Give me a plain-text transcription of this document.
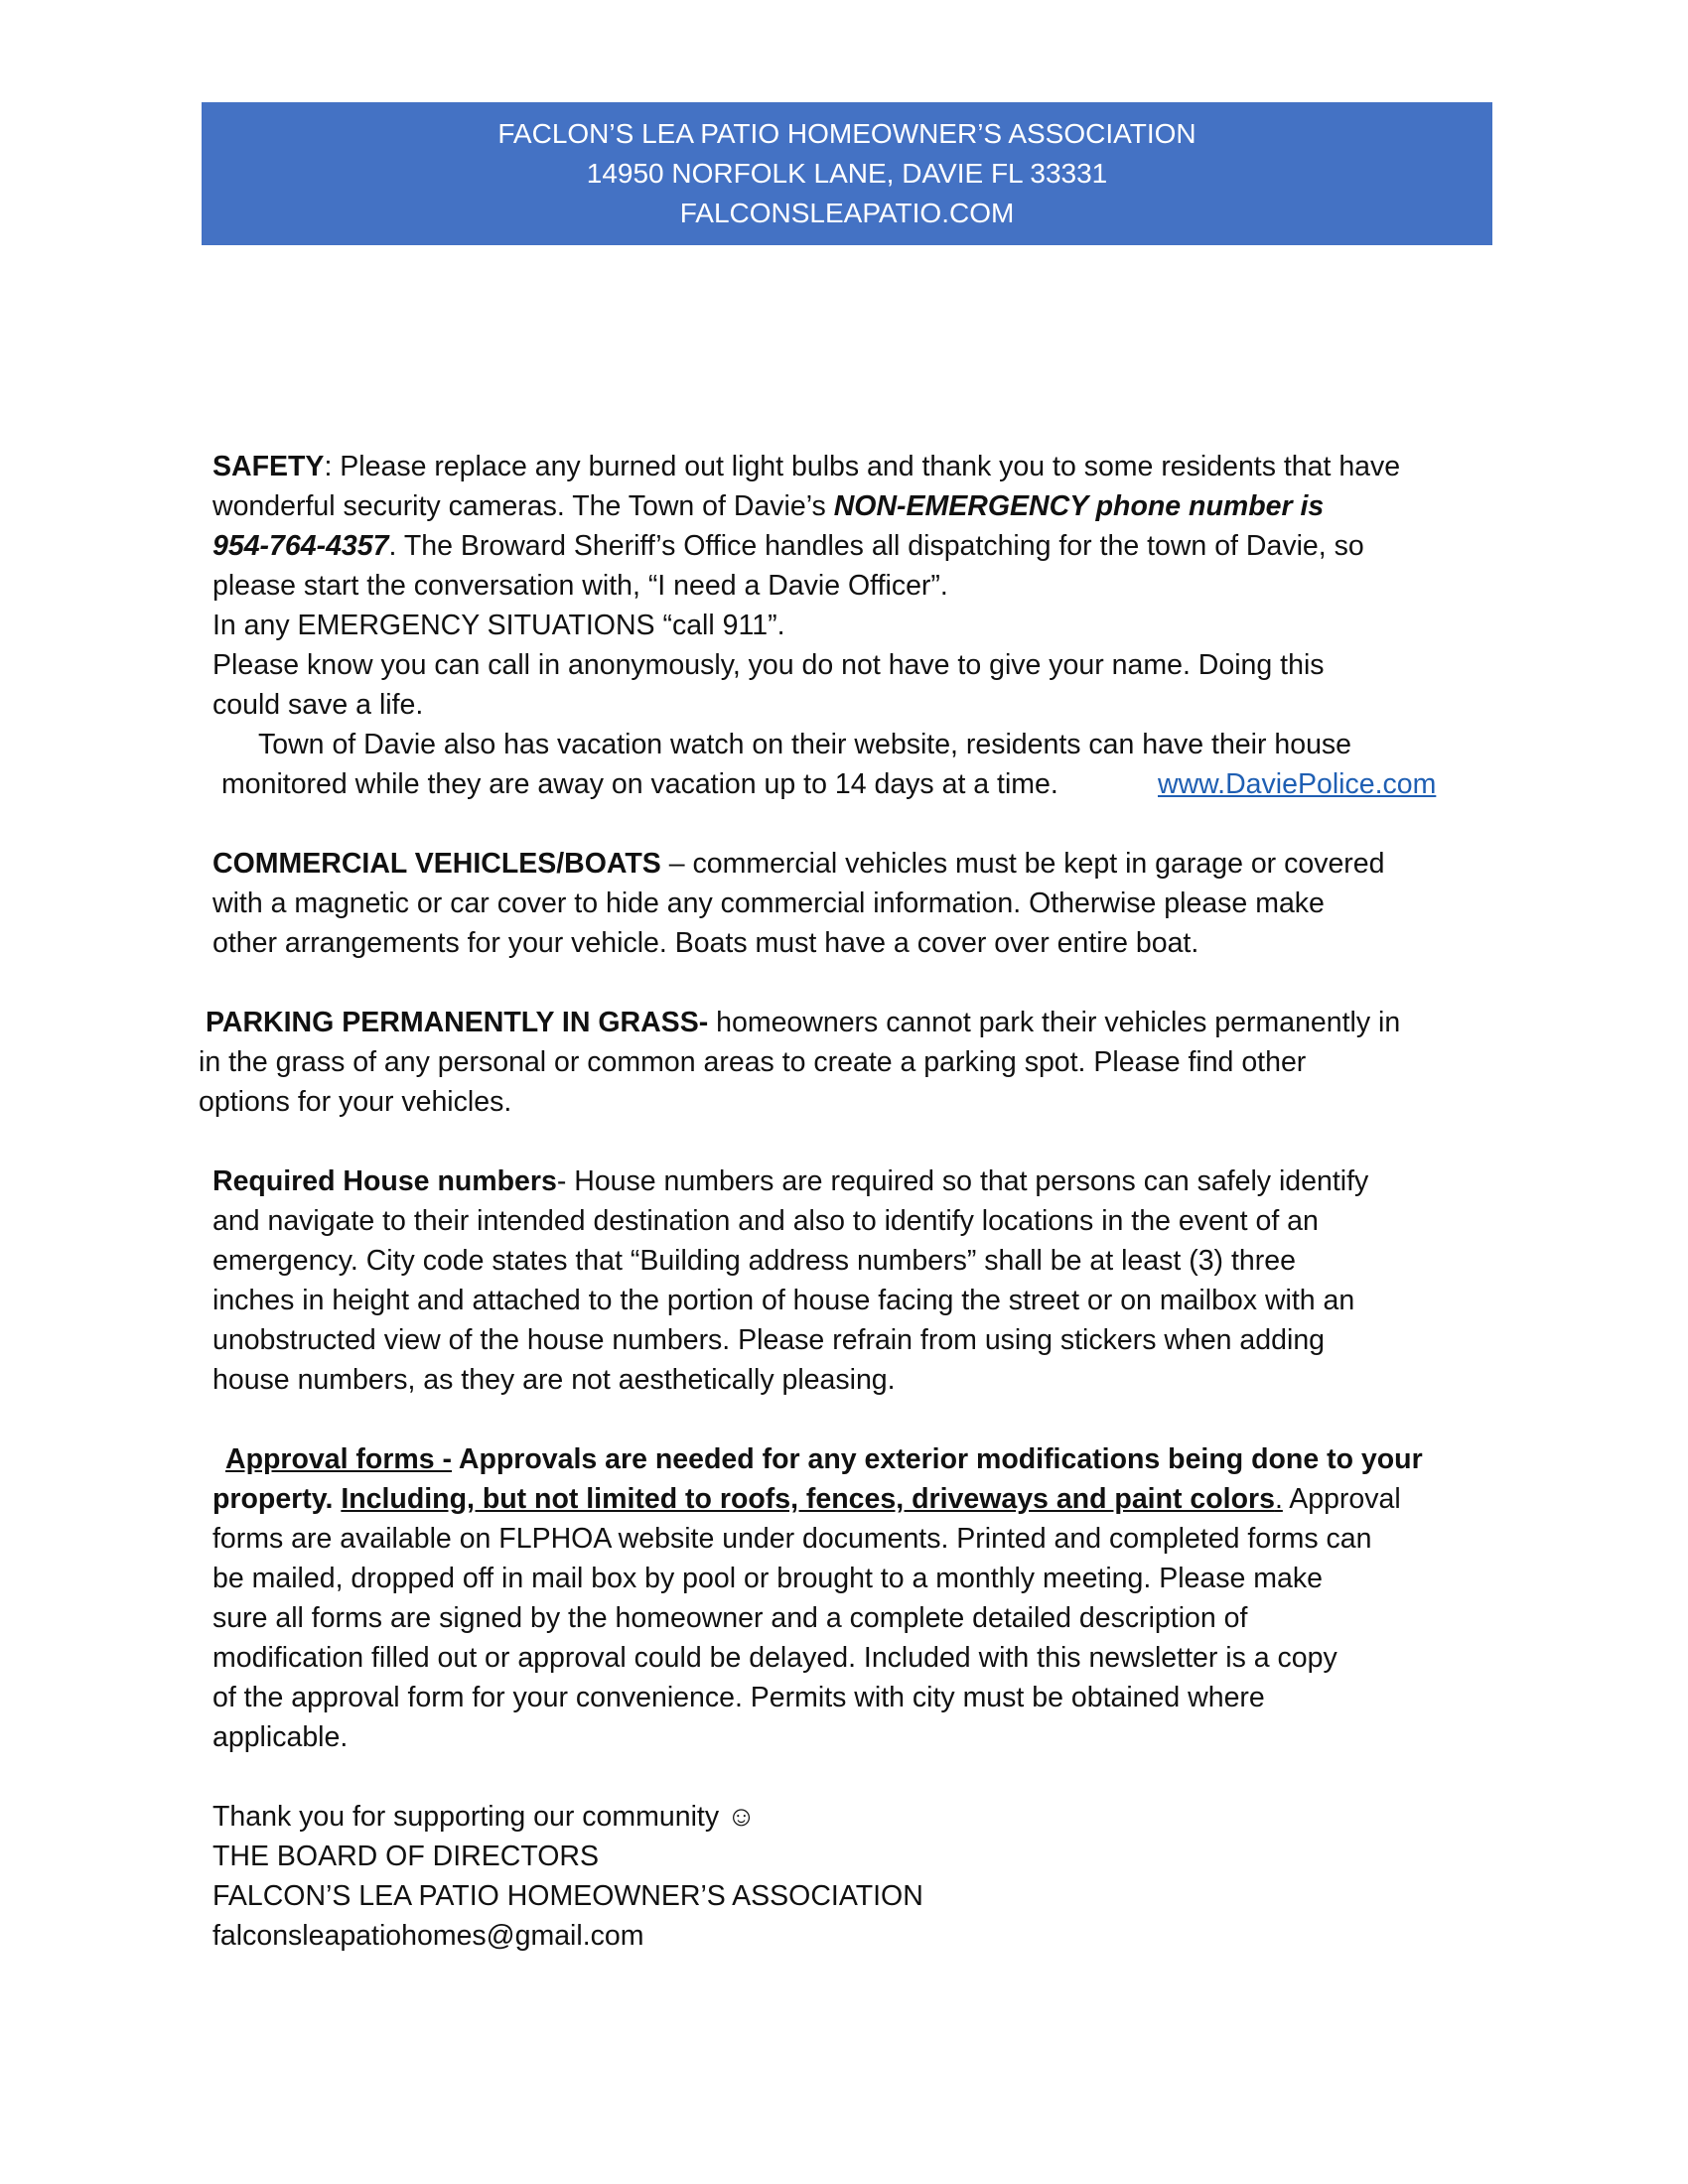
FACLON’S LEA PATIO HOMEOWNER’S ASSOCIATION
14950 NORFOLK LANE, DAVIE FL 33331
FALCONSLEAPATIO.COM
SAFETY: Please replace any burned out light bulbs and thank you to some residents that have
wonderful security cameras. The Town of Davie’s NON-EMERGENCY phone number is
954-764-4357. The Broward Sheriff’s Office handles all dispatching for the town of Davie, so
please start the conversation with, “I need a Davie Officer”.
In any EMERGENCY SITUATIONS “call 911”.
Please know you can call in anonymously, you do not have to give your name. Doing this
could save a life.
Town of Davie also has vacation watch on their website, residents can have their house
monitored while they are away on vacation up to 14 days at a time.	www.DaviePolice.com
COMMERCIAL VEHICLES/BOATS – commercial vehicles must be kept in garage or covered
with a magnetic or car cover to hide any commercial information. Otherwise please make
other arrangements for your vehicle. Boats must have a cover over entire boat.
PARKING PERMANENTLY IN GRASS- homeowners cannot park their vehicles permanently in
in the grass of any personal or common areas to create a parking spot. Please find other
options for your vehicles.
Required House numbers- House numbers are required so that persons can safely identify
and navigate to their intended destination and also to identify locations in the event of an
emergency. City code states that “Building address numbers” shall be at least (3) three
inches in height and attached to the portion of house facing the street or on mailbox with an
unobstructed view of the house numbers. Please refrain from using stickers when adding
house numbers, as they are not aesthetically pleasing.
Approval forms - Approvals are needed for any exterior modifications being done to your
property. Including, but not limited to roofs, fences, driveways and paint colors. Approval
forms are available on FLPHOA website under documents. Printed and completed forms can
be mailed, dropped off in mail box by pool or brought to a monthly meeting. Please make
sure all forms are signed by the homeowner and a complete detailed description of
modification filled out or approval could be delayed. Included with this newsletter is a copy
of the approval form for your convenience. Permits with city must be obtained where
applicable.
Thank you for supporting our community ☺
THE BOARD OF DIRECTORS
FALCON’S LEA PATIO HOMEOWNER’S ASSOCIATION
falconsleapatiohomes@gmail.com
